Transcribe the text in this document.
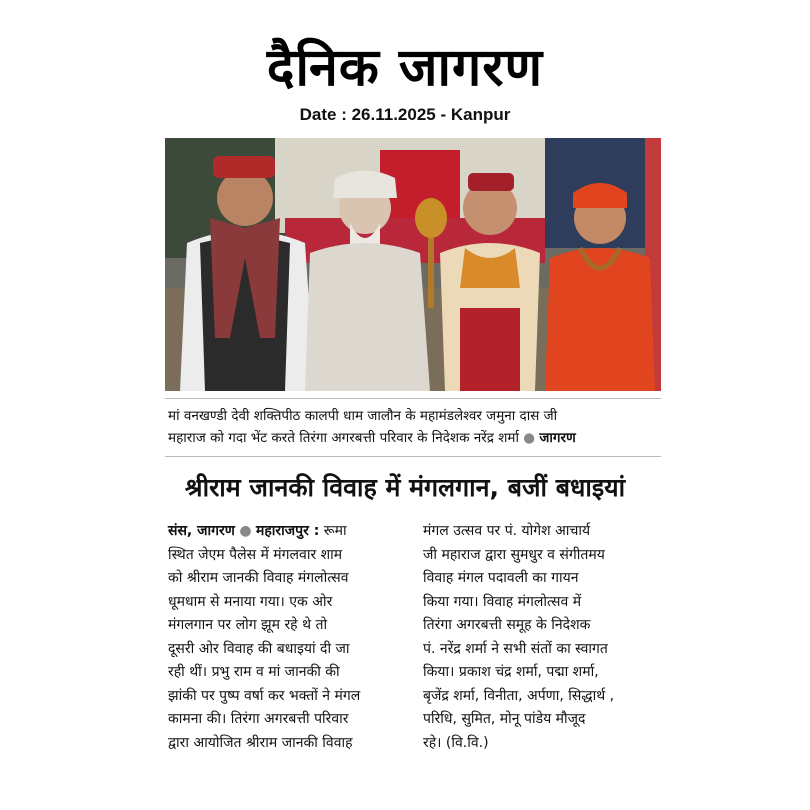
दैनिक जागरण
Date : 26.11.2025 - Kanpur
मां वनखण्डी देवी शक्तिपीठ कालपी धाम जालौन के महामंडलेश्वर जमुना दास जी
महाराज को गदा भेंट करते तिरंगा अगरबत्ती परिवार के निदेशक नरेंद्र शर्मा ● जागरण
श्रीराम जानकी विवाह में मंगलगान, बजीं बधाइयां
संस, जागरण ● महाराजपुर : रूमा
स्थित जेएम पैलेस में मंगलवार शाम
को श्रीराम जानकी विवाह मंगलोत्सव
धूमधाम से मनाया गया। एक ओर
मंगलगान पर लोग झूम रहे थे तो
दूसरी ओर विवाह की बधाइयां दी जा
रही थीं। प्रभु राम व मां जानकी की
झांकी पर पुष्प वर्षा कर भक्तों ने मंगल
कामना की। तिरंगा अगरबत्ती परिवार
द्वारा आयोजित श्रीराम जानकी विवाह
मंगल उत्सव पर पं. योगेश आचार्य
जी महाराज द्वारा सुमधुर व संगीतमय
विवाह मंगल पदावली का गायन
किया गया। विवाह मंगलोत्सव में
तिरंगा अगरबत्ती समूह के निदेशक
पं. नरेंद्र शर्मा ने सभी संतों का स्वागत
किया। प्रकाश चंद्र शर्मा, पद्मा शर्मा,
बृजेंद्र शर्मा, विनीता, अर्पणा, सिद्धार्थ ,
परिधि, सुमित, मोनू पांडेय मौजूद
रहे। (वि.वि.)
